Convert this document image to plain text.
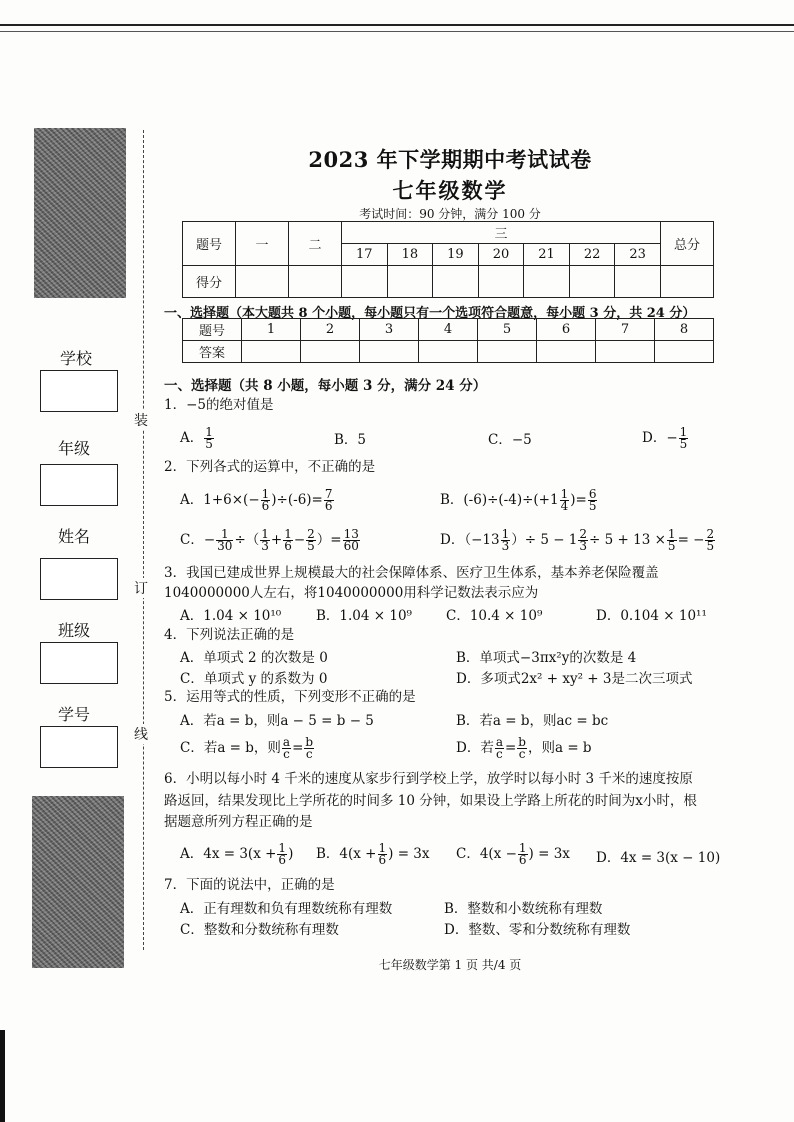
装
订
线
学校
年级
姓名
班级
学号
2023 年下学期期中考试试卷
七年级数学
考试时间：90 分钟，满分 100 分
题号	一	二	三							总分
			17	18	19	20	21	22	23	
得分										
一、选择题（本大题共 8 个小题，每小题只有一个选项符合题意，每小题 3 分，共 24 分）
题号	1	2	3	4	5	6	7	8
答案								
一、选择题（共 8 小题，每小题 3 分，满分 24 分）
1．−5的绝对值是
A． $\frac{1}{5}$	B．5	C．−5	D．− $\frac{1}{5}$
2．下列各式的运算中，不正确的是
A．$1+6\times(- \frac{1}{6} )\div(-6)= \frac{7}{6}$	B．$(-6)\div(-4)\div(+1 \frac{1}{4}$ )= $\frac{6}{5}$
C．− $\frac{1}{30}$ ÷（ $\frac{1}{3} + \frac{1}{6} - \frac{2}{5}$ ）= $\frac{13}{60}$	D．（$-13 \frac{1}{3}$ ）÷ $5 - 1 \frac{2}{3} \div 5 + 13 \times \frac{1}{5}$ = − $\frac{2}{5}$
3．我国已建成世界上规模最大的社会保障体系、医疗卫生体系，基本养老保险覆盖
1040000000人左右，将1040000000用科学记数法表示应为
A．1.04 × 10¹⁰	B．1.04 × 10⁹	C．10.4 × 10⁹	D．0.104 × 10¹¹
4．下列说法正确的是
A．单项式 2 的次数是 0	B．单项式−3πx²y的次数是 4
C．单项式 y 的系数为 0	D．多项式2x² + xy² + 3是二次三项式
5．运用等式的性质，下列变形不正确的是
A．若a = b，则a − 5 = b − 5	B．若a = b，则ac = bc
C．若a = b，则 $\frac{a}{c} = \frac{b}{c}$	D．若 $\frac{a}{c} = \frac{b}{c}$ ，则a = b
6．小明以每小时 4 千米的速度从家步行到学校上学，放学时以每小时 3 千米的速度按原
路返回，结果发现比上学所花的时间多 10 分钟，如果设上学路上所花的时间为x小时，根
据题意所列方程正确的是
A．$4x = 3(x + \frac{1}{6}$ ) B．$4(x + \frac{1}{6}$ ) = 3x C．$4(x - \frac{1}{6}$ ) = 3x D．4x = 3(x − 10)
7．下面的说法中，正确的是
A．正有理数和负有理数统称有理数	B．整数和小数统称有理数
C．整数和分数统称有理数	D．整数、零和分数统称有理数
七年级数学第 1 页 共/4 页
